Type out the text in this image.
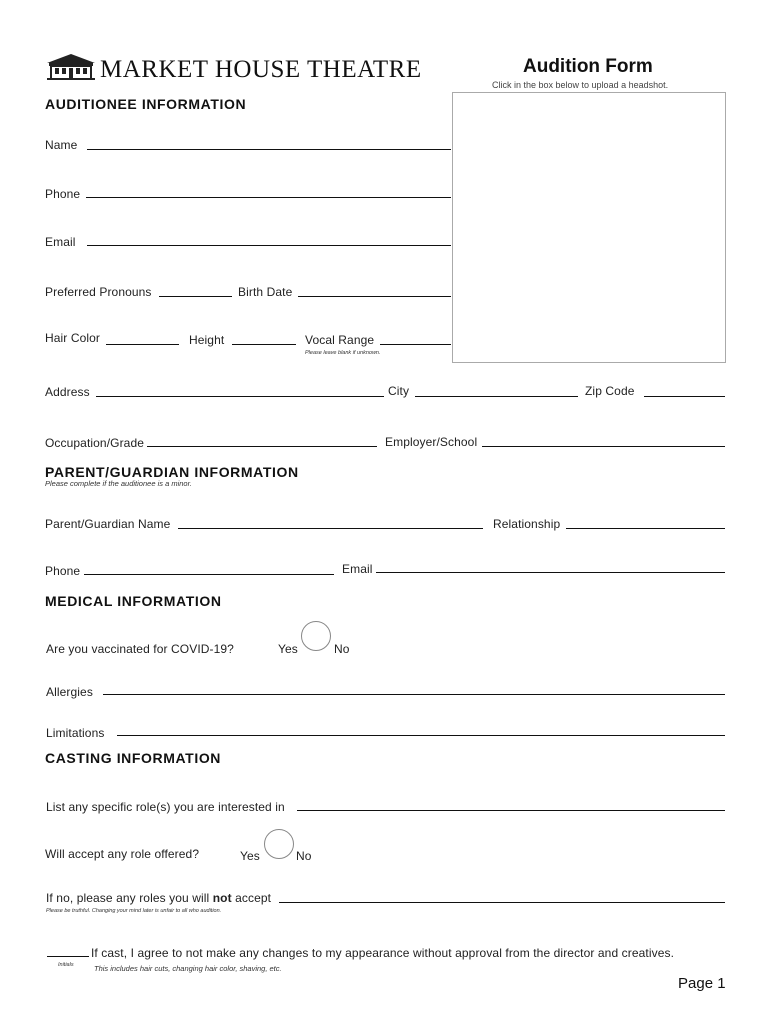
MARKET HOUSE THEATRE	Audition Form
Click in the box below to upload a headshot.
AUDITIONEE INFORMATION
Name
Phone
Email
Preferred Pronouns	Birth Date
Hair Color	Height	Vocal Range
Please leave blank if unknown.
Address	City	Zip Code
Occupation/Grade	Employer/School
PARENT/GUARDIAN INFORMATION
Please complete if the auditionee is a minor.
Parent/Guardian Name	Relationship
Phone	Email
MEDICAL INFORMATION
Are you vaccinated for COVID-19?	Yes	No
Allergies
Limitations
CASTING INFORMATION
List any specific role(s) you are interested in
Will accept any role offered?	Yes	No
If no, please any roles you will not accept
Please be truthful. Changing your mind later is unfair to all who audition.
If cast, I agree to not make any changes to my appearance without approval from the director and creatives.
Initials	This includes hair cuts, changing hair color, shaving, etc.
Page 1
